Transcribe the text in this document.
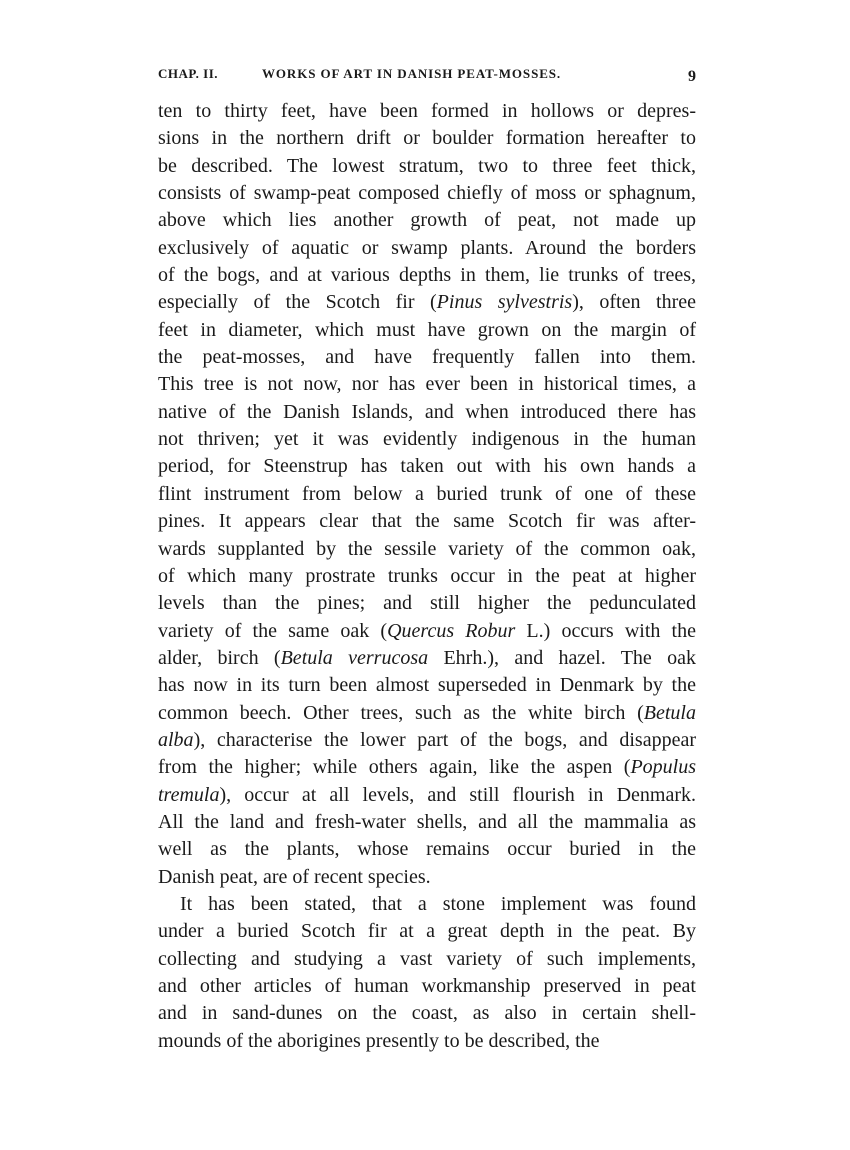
CHAP. II.	WORKS OF ART IN DANISH PEAT-MOSSES.	9
ten to thirty feet, have been formed in hollows or depres-
sions in the northern drift or boulder formation hereafter to
be described. The lowest stratum, two to three feet thick,
consists of swamp-peat composed chiefly of moss or sphagnum,
above which lies another growth of peat, not made up
exclusively of aquatic or swamp plants. Around the borders
of the bogs, and at various depths in them, lie trunks of trees,
especially of the Scotch fir (Pinus sylvestris), often three
feet in diameter, which must have grown on the margin of
the peat-mosses, and have frequently fallen into them.
This tree is not now, nor has ever been in historical times, a
native of the Danish Islands, and when introduced there has
not thriven; yet it was evidently indigenous in the human
period, for Steenstrup has taken out with his own hands a
flint instrument from below a buried trunk of one of these
pines. It appears clear that the same Scotch fir was after-
wards supplanted by the sessile variety of the common oak,
of which many prostrate trunks occur in the peat at higher
levels than the pines; and still higher the pedunculated
variety of the same oak (Quercus Robur L.) occurs with the
alder, birch (Betula verrucosa Ehrh.), and hazel. The oak
has now in its turn been almost superseded in Denmark by the
common beech. Other trees, such as the white birch (Betula
alba), characterise the lower part of the bogs, and disappear
from the higher; while others again, like the aspen (Populus
tremula), occur at all levels, and still flourish in Denmark.
All the land and fresh-water shells, and all the mammalia as
well as the plants, whose remains occur buried in the
Danish peat, are of recent species.
It has been stated, that a stone implement was found
under a buried Scotch fir at a great depth in the peat. By
collecting and studying a vast variety of such implements,
and other articles of human workmanship preserved in peat
and in sand-dunes on the coast, as also in certain shell-
mounds of the aborigines presently to be described, the
